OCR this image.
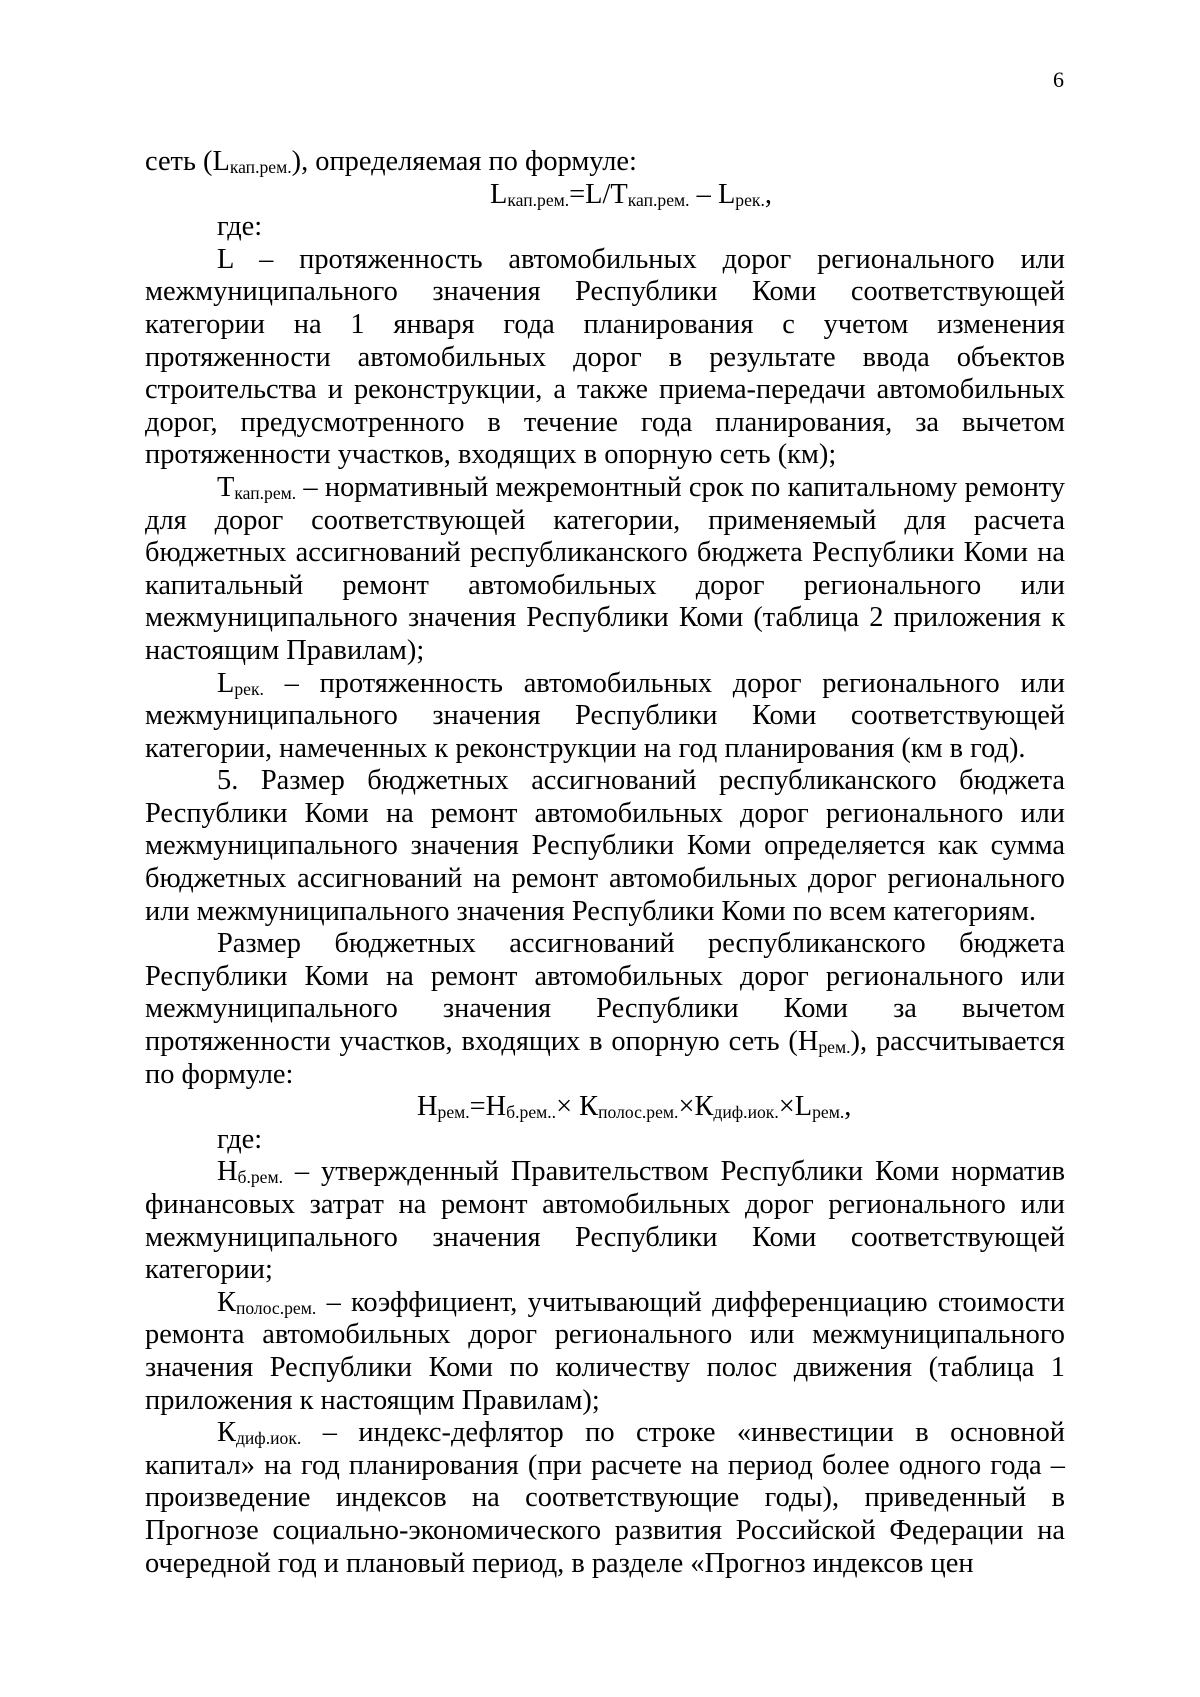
6

сеть $(L_{кап.рем.})$, определяемая по формуле:

$L_{кап.рем.}=L/T_{кап.рем.} - L_{рек.}$,

где:

L – протяженность автомобильных дорог регионального или межмуниципального значения Республики Коми соответствующей категории на 1 января года планирования с учетом изменения протяженности автомобильных дорог в результате ввода объектов строительства и реконструкции, а также приема-передачи автомобильных дорог, предусмотренного в течение года планирования, за вычетом протяженности участков, входящих в опорную сеть (км);

$T_{кап.рем.}$ – нормативный межремонтный срок по капитальному ремонту для дорог соответствующей категории, применяемый для расчета бюджетных ассигнований республиканского бюджета Республики Коми на капитальный ремонт автомобильных дорог регионального или межмуниципального значения Республики Коми (таблица 2 приложения к настоящим Правилам);

$L_{рек.}$ – протяженность автомобильных дорог регионального или межмуниципального значения Республики Коми соответствующей категории, намеченных к реконструкции на год планирования (км в год).

5. Размер бюджетных ассигнований республиканского бюджета Республики Коми на ремонт автомобильных дорог регионального или межмуниципального значения Республики Коми определяется как сумма бюджетных ассигнований на ремонт автомобильных дорог регионального или межмуниципального значения Республики Коми по всем категориям.

Размер бюджетных ассигнований республиканского бюджета Республики Коми на ремонт автомобильных дорог регионального или межмуниципального значения Республики Коми за вычетом протяженности участков, входящих в опорную сеть $(Н_{рем.})$, рассчитывается по формуле:

$Н_{рем.}=Н_{б.рем..}\times К_{полос.рем.}\times К_{диф.иок.}\times L_{рем.}$,

где:

$Н_{б.рем.}$ – утвержденный Правительством Республики Коми норматив финансовых затрат на ремонт автомобильных дорог регионального или межмуниципального значения Республики Коми соответствующей категории;

$К_{полос.рем.}$ – коэффициент, учитывающий дифференциацию стоимости ремонта автомобильных дорог регионального или межмуниципального значения Республики Коми по количеству полос движения (таблица 1 приложения к настоящим Правилам);

$К_{диф.иок.}$ – индекс-дефлятор по строке «инвестиции в основной капитал» на год планирования (при расчете на период более одного года – произведение индексов на соответствующие годы), приведенный в Прогнозе социально-экономического развития Российской Федерации на очередной год и плановый период, в разделе «Прогноз индексов цен
